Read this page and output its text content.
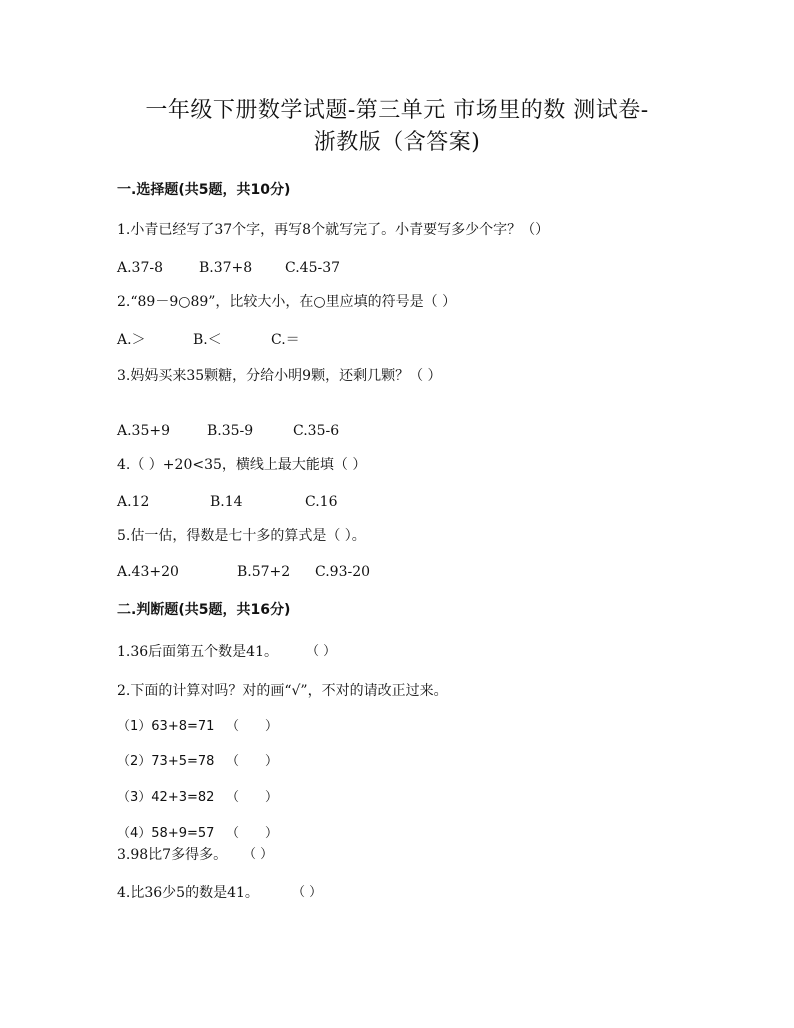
一年级下册数学试题-第三单元 市场里的数 测试卷-
浙教版（含答案)
一.选择题(共5题，共10分)
1.小青已经写了37个字，再写8个就写完了。小青要写多少个字？（）
A.37-8	B.37+8 C.45-37
2.“89－9○89”，比较大小，在○里应填的符号是（ ）
A.＞	B.＜	C.＝
3.妈妈买来35颗糖，分给小明9颗，还剩几颗？（ ）
A.35+9	B.35-9	C.35-6
4.（ ）+20<35，横线上最大能填（ ）
A.12	B.14	C.16
5.估一估，得数是七十多的算式是（ ）。
A.43+20	B.57+2 C.93-20
二.判断题(共5题，共16分)
1.36后面第五个数是41。 （ ）
2.下面的计算对吗？对的画“√”，不对的请改正过来。
（1）63+8=71 （　　）
（2）73+5=78 （　　）
（3）42+3=82 （　　）
（4）58+9=57 （　　）
3.98比7多得多。 （ ）
4.比36少5的数是41。	（ ）
